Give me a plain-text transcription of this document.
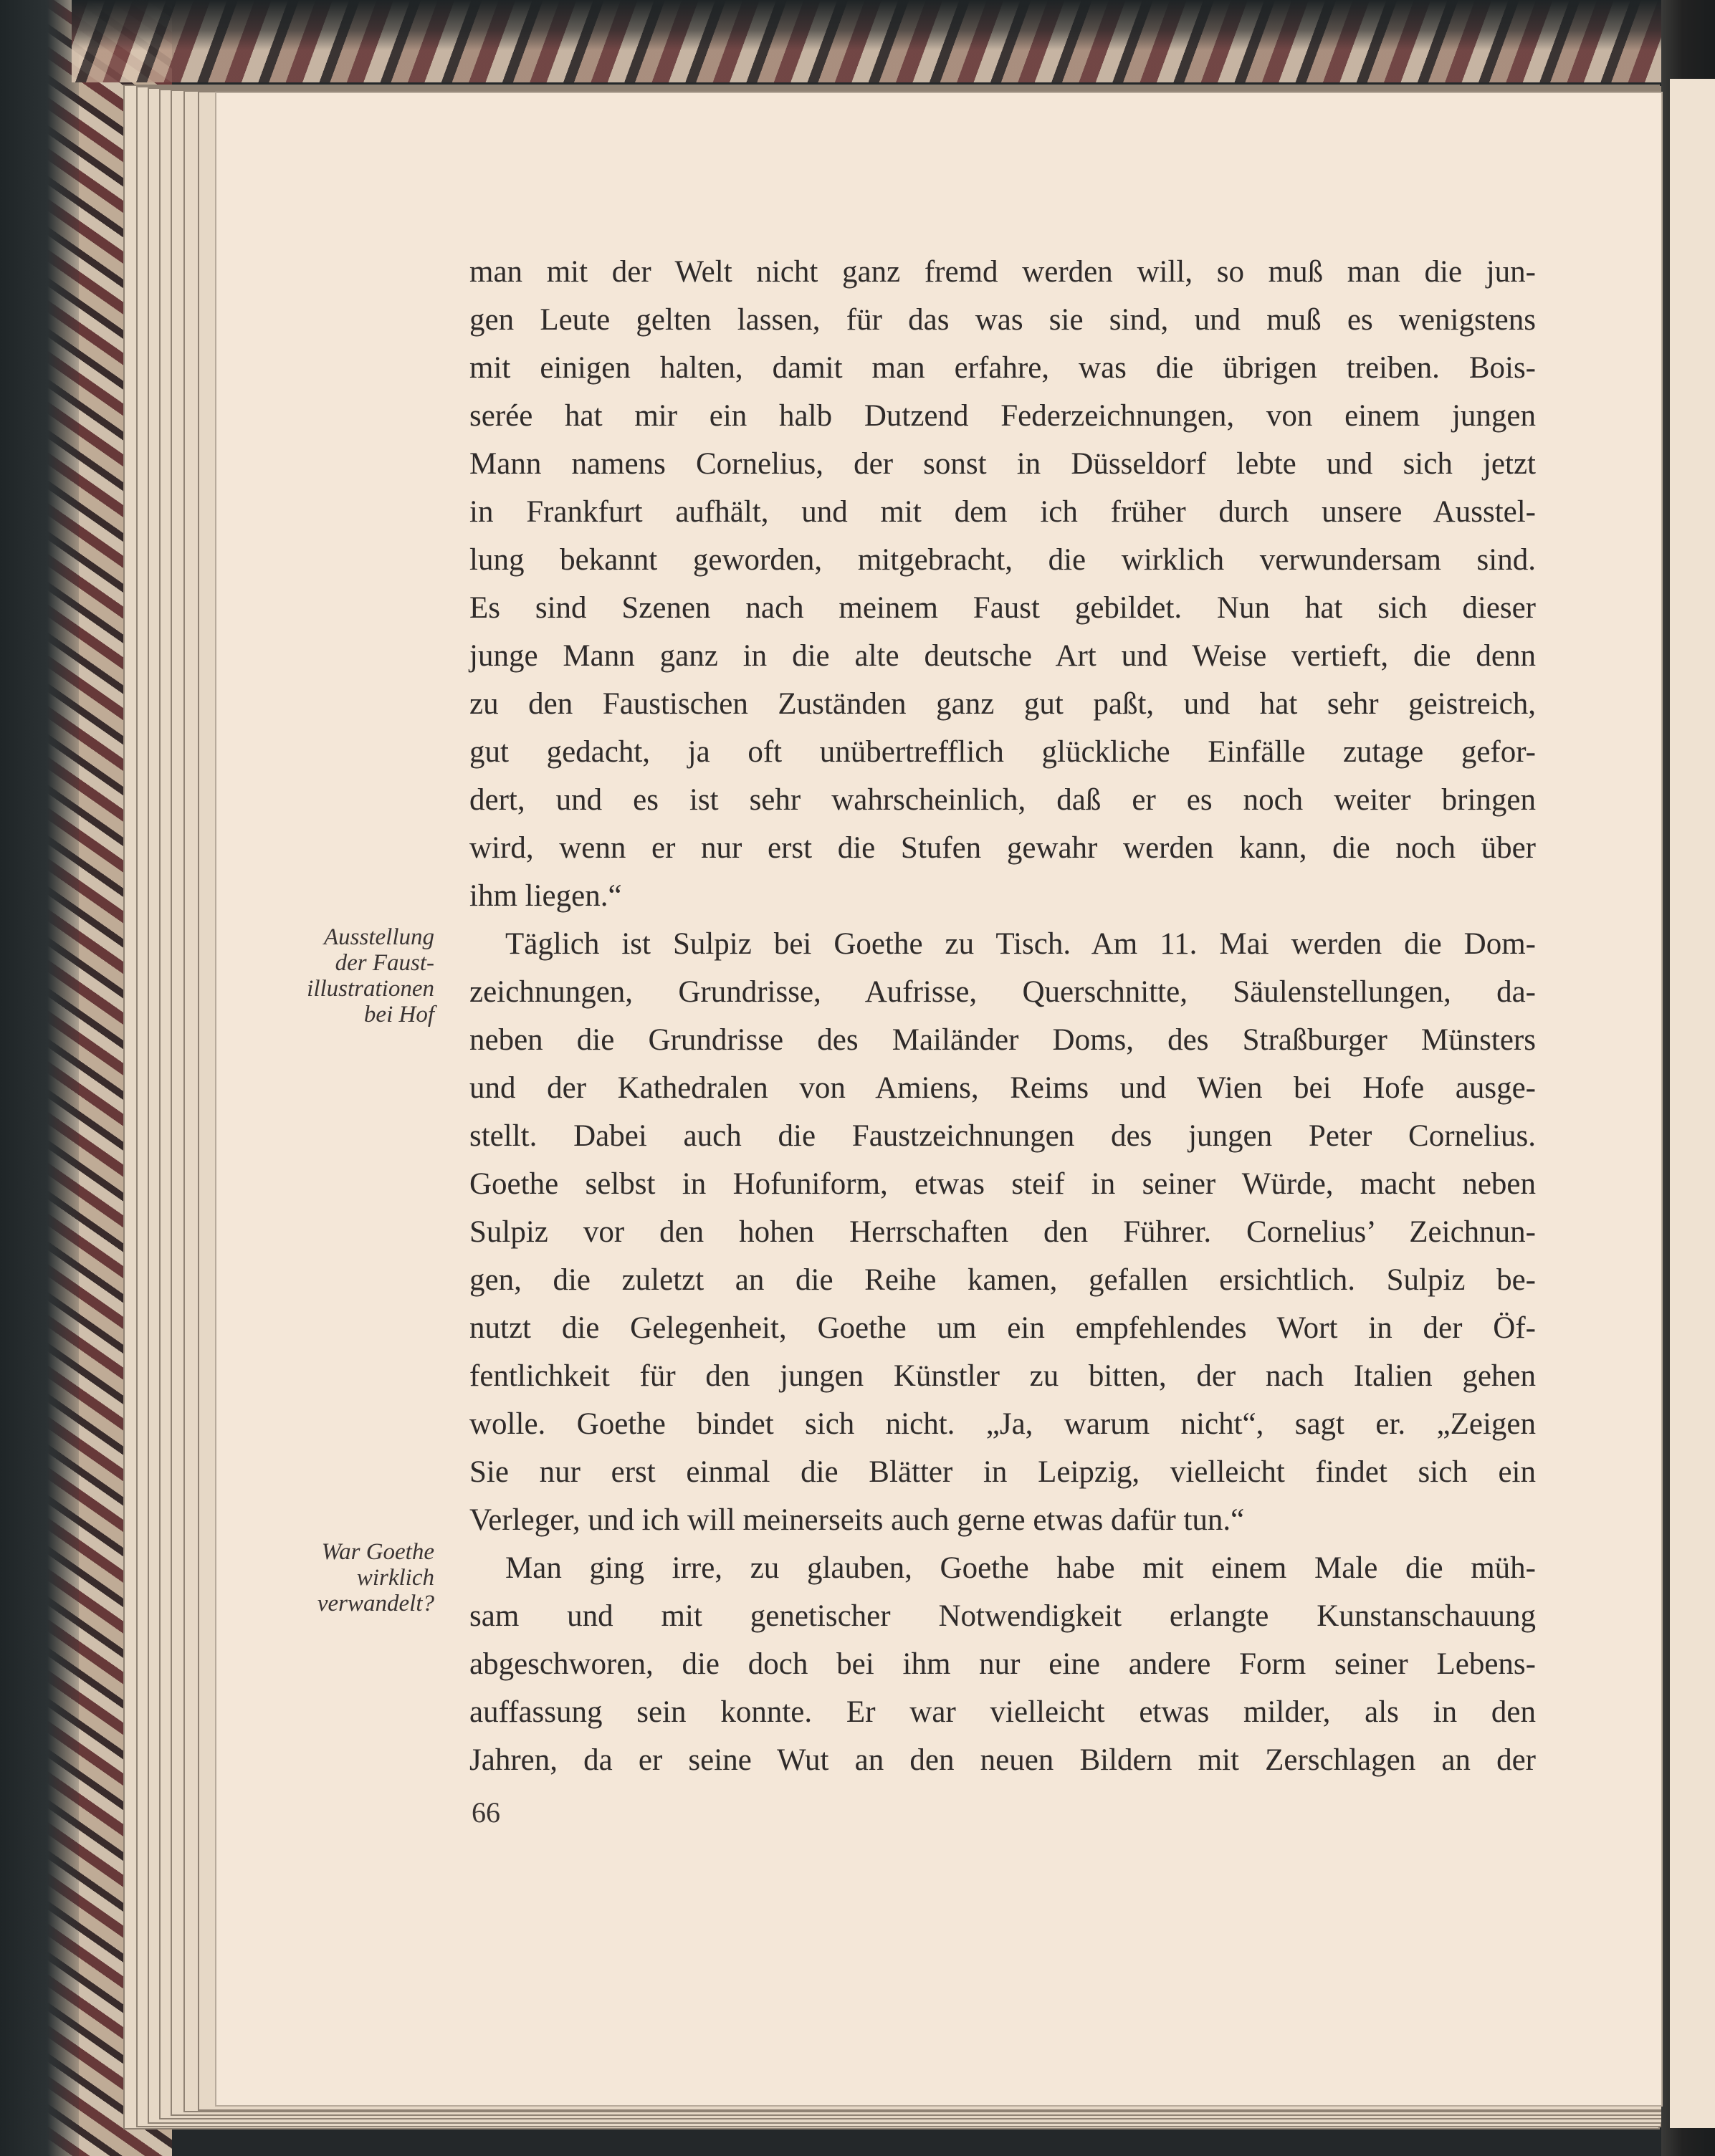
man mit der Welt nicht ganz fremd werden will, so muß man die jun-
gen Leute gelten lassen, für das was sie sind, und muß es wenigstens
mit einigen halten, damit man erfahre, was die übrigen treiben. Bois-
serée hat mir ein halb Dutzend Federzeichnungen, von einem jungen
Mann namens Cornelius, der sonst in Düsseldorf lebte und sich jetzt
in Frankfurt aufhält, und mit dem ich früher durch unsere Ausstel-
lung bekannt geworden, mitgebracht, die wirklich verwundersam sind.
Es sind Szenen nach meinem Faust gebildet. Nun hat sich dieser
junge Mann ganz in die alte deutsche Art und Weise vertieft, die denn
zu den Faustischen Zuständen ganz gut paßt, und hat sehr geistreich,
gut gedacht, ja oft unübertrefflich glückliche Einfälle zutage gefor-
dert, und es ist sehr wahrscheinlich, daß er es noch weiter bringen
wird, wenn er nur erst die Stufen gewahr werden kann, die noch über
ihm liegen.“

Täglich ist Sulpiz bei Goethe zu Tisch. Am 11. Mai werden die Dom-
zeichnungen, Grundrisse, Aufrisse, Querschnitte, Säulenstellungen, da-
neben die Grundrisse des Mailänder Doms, des Straßburger Münsters
und der Kathedralen von Amiens, Reims und Wien bei Hofe ausge-
stellt. Dabei auch die Faustzeichnungen des jungen Peter Cornelius.
Goethe selbst in Hofuniform, etwas steif in seiner Würde, macht neben
Sulpiz vor den hohen Herrschaften den Führer. Cornelius’ Zeichnun-
gen, die zuletzt an die Reihe kamen, gefallen ersichtlich. Sulpiz be-
nutzt die Gelegenheit, Goethe um ein empfehlendes Wort in der Öf-
fentlichkeit für den jungen Künstler zu bitten, der nach Italien gehen
wolle. Goethe bindet sich nicht. „Ja, warum nicht“, sagt er. „Zeigen
Sie nur erst einmal die Blätter in Leipzig, vielleicht findet sich ein
Verleger, und ich will meinerseits auch gerne etwas dafür tun.“

Man ging irre, zu glauben, Goethe habe mit einem Male die müh-
sam und mit genetischer Notwendigkeit erlangte Kunstanschauung
abgeschworen, die doch bei ihm nur eine andere Form seiner Lebens-
auffassung sein konnte. Er war vielleicht etwas milder, als in den
Jahren, da er seine Wut an den neuen Bildern mit Zerschlagen an der

Ausstellung
der Faust-
illustrationen
bei Hof
War Goethe
wirklich
verwandelt?
66
